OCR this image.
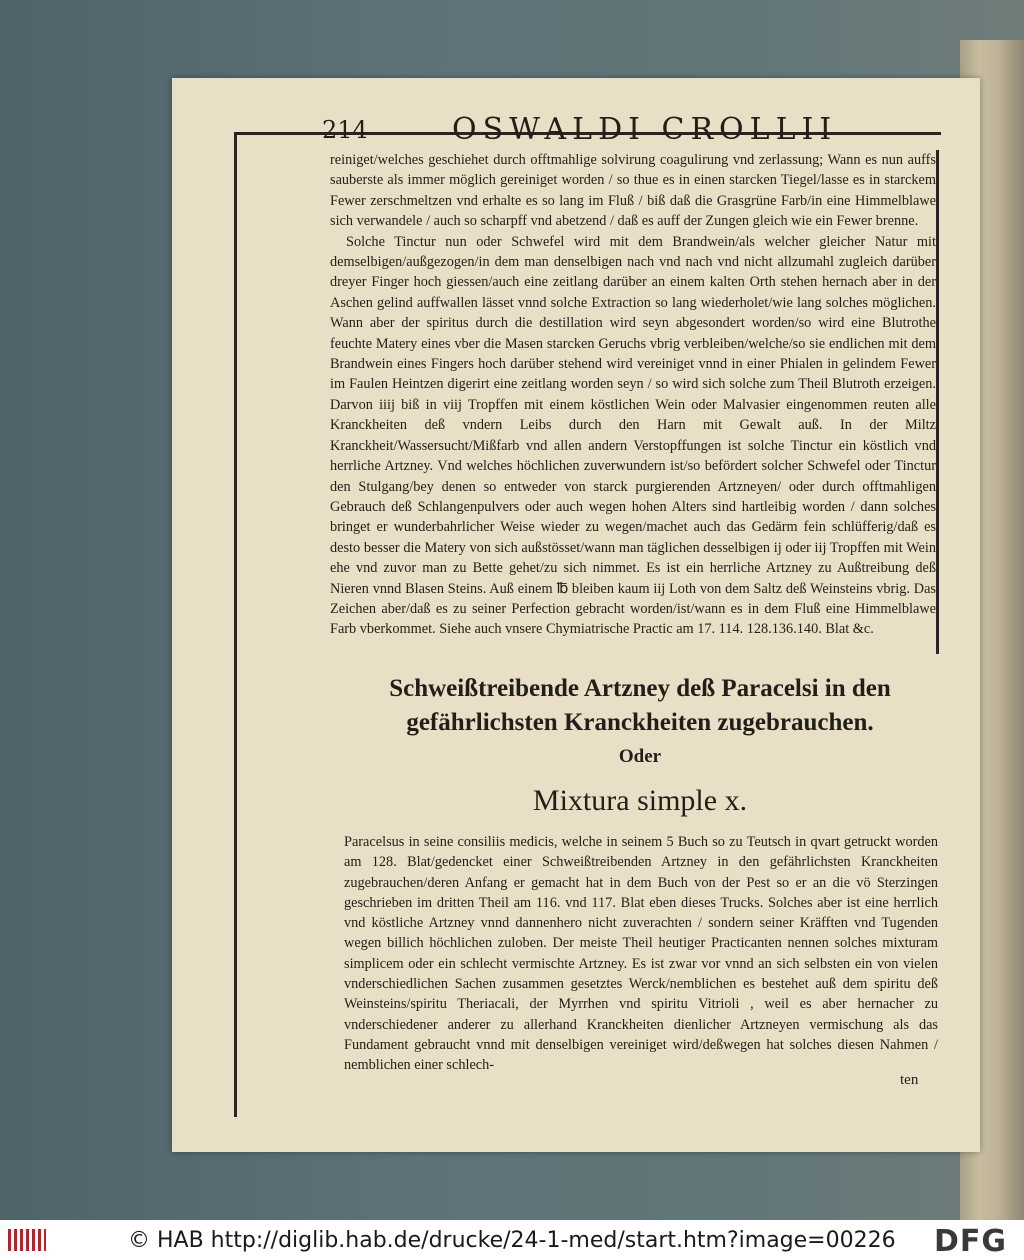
214	OSWALDI CROLLII

reiniget/welches geschiehet durch offtmahlige solvirung coagulirung vnd zerlassung; Wann es nun auffs sauberste als immer möglich gereiniget worden / so thue es in einen starcken Tiegel/lasse es in starckem Fewer zerschmeltzen vnd erhalte es so lang im Fluß / biß daß die Grasgrüne Farb/in eine Himmelblawe sich verwandele / auch so scharpff vnd abetzend / daß es auff der Zungen gleich wie ein Fewer brenne.

Solche Tinctur nun oder Schwefel wird mit dem Brandwein/als welcher gleicher Natur mit demselbigen/außgezogen/in dem man denselbigen nach vnd nach vnd nicht allzumahl zugleich darüber dreyer Finger hoch giessen/auch eine zeitlang darüber an einem kalten Orth stehen hernach aber in der Aschen gelind auffwallen lässet vnnd solche Extraction so lang wiederholet/wie lang solches möglichen. Wann aber der spiritus durch die destillation wird seyn abgesondert worden/so wird eine Blutrothe feuchte Matery eines vber die Masen starcken Geruchs vbrig verbleiben/welche/so sie endlichen mit dem Brandwein eines Fingers hoch darüber stehend wird vereiniget vnnd in einer Phialen in gelindem Fewer im Faulen Heintzen digerirt eine zeitlang worden seyn / so wird sich solche zum Theil Blutroth erzeigen. Darvon iiij biß in viij Tropffen mit einem köstlichen Wein oder Malvasier eingenommen reuten alle Kranckheiten deß vndern Leibs durch den Harn mit Gewalt auß. In der Miltz Kranckheit/Wassersucht/Mißfarb vnd allen andern Verstopffungen ist solche Tinctur ein köstlich vnd herrliche Artzney. Vnd welches höchlichen zuverwundern ist/so befördert solcher Schwefel oder Tinctur den Stulgang/bey denen so entweder von starck purgierenden Artzneyen/ oder durch offtmahligen Gebrauch deß Schlangenpulvers oder auch wegen hohen Alters sind hartleibig worden / dann solches bringet er wunderbahrlicher Weise wieder zu wegen/machet auch das Gedärm fein schlüfferig/daß es desto besser die Matery von sich außstösset/wann man täglichen desselbigen ij oder iij Tropffen mit Wein ehe vnd zuvor man zu Bette gehet/zu sich nimmet. Es ist ein herrliche Artzney zu Außtreibung deß Nieren vnnd Blasen Steins. Auß einem ℔ bleiben kaum iij Loth von dem Saltz deß Weinsteins vbrig. Das Zeichen aber/daß es zu seiner Perfection gebracht worden/ist/wann es in dem Fluß eine Himmelblawe Farb vberkommet. Siehe auch vnsere Chymiatrische Practic am 17. 114. 128.136.140. Blat &c.

Schweißtreibende Artzney deß Paracelsi in den gefährlichsten Kranckheiten zugebrauchen.
Oder
Mixtura simple x.

Paracelsus in seine consiliis medicis, welche in seinem 5 Buch so zu Teutsch in qvart getruckt worden am 128. Blat/gedencket einer Schweißtreibenden Artzney in den gefährlichsten Kranckheiten zugebrauchen/deren Anfang er gemacht hat in dem Buch von der Pest so er an die vö Sterzingen geschrieben im dritten Theil am 116. vnd 117. Blat eben dieses Trucks. Solches aber ist eine herrlich vnd köstliche Artzney vnnd dannenhero nicht zuverachten / sondern seiner Kräfften vnd Tugenden wegen billich höchlichen zuloben. Der meiste Theil heutiger Practicanten nennen solches mixturam simplicem oder ein schlecht vermischte Artzney. Es ist zwar vor vnnd an sich selbsten ein von vielen vnderschiedlichen Sachen zusammen gesetztes Werck/nemblichen es bestehet auß dem spiritu deß Weinsteins/spiritu Theriacali, der Myrrhen vnd spiritu Vitrioli , weil es aber hernacher zu vnderschiedener anderer zu allerhand Kranckheiten dienlicher Artzneyen vermischung als das Fundament gebraucht vnnd mit denselbigen vereiniget wird/deßwegen hat solches diesen Nahmen / nemblichen einer schlech-

ten
© HAB http://diglib.hab.de/drucke/24-1-med/start.htm?image=00226 DFG
